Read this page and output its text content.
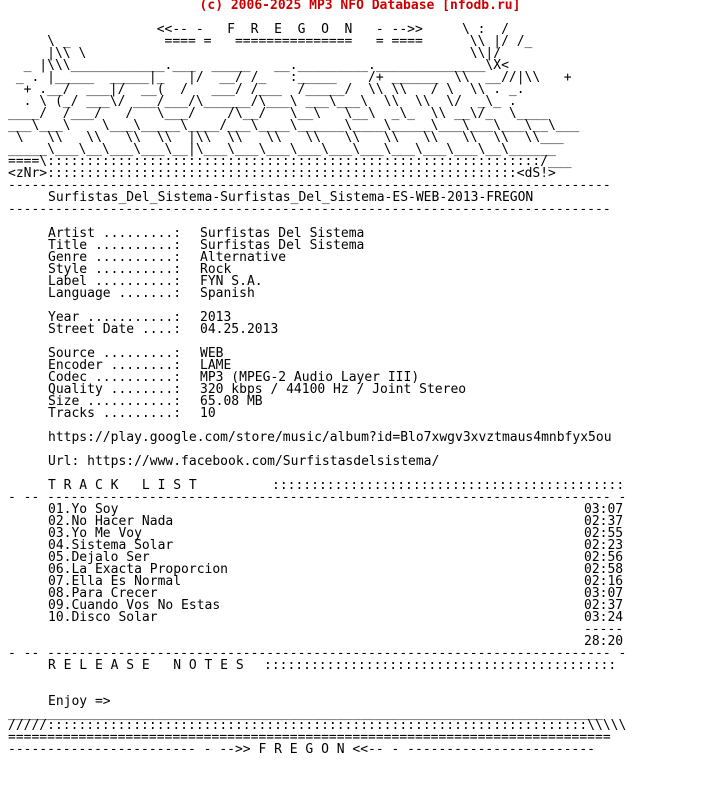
(c) 2006-2025 MP3 NFO Database [nfodb.ru]
<<-- -   F  R  E  G  O  N   - -->>     \ :  /
\ _            ==== =   ===============   = ====      \\ |/ /_
|\\ \                                                 \\|/
_ |\\\____________.___  _____   __._________.______________\X<
_ . |_____  _____|_   |/  __/ /_   :_____    /+ ______  \\  __//|\\   +
+ .__/  ___|/  __(  /   ___/ /___  /_____/  \\ \\   / \  \\ . _.
. \ (_/ ___\/ ___/___/\______/\___\ ___\___\  \\  \\  \/  _\_ .
____/  /___/   /   \___/    /\__/   \__\   \__\  _\_  \\ __\/_  \____
___\___\    \___\_____\____/___\____\______\____\_____\___\___\___\__\___
\   \\   \\   \\  \\  |\\  \\   \\   \\   \\   \\   \\   \\  \\  \\___
_____\___\__\___\___\__|\___\___\___\___\___\___\___\___\___\__\______
====\:::::::::::::::::::::::::::::::::::::::::::::::::::::::::::::::/___
<zNr>::::::::::::::::::::::::::::::::::::::::::::::::::::::::::::<dS!>
-----------------------------------------------------------------------------
Surfistas_Del_Sistema-Surfistas_Del_Sistema-ES-WEB-2013-FREGON
-----------------------------------------------------------------------------
Artist .........: Surfistas Del Sistema
Title ..........: Surfistas Del Sistema
Genre ..........: Alternative
Style ..........: Rock
Label ..........: FYN S.A.
Language .......: Spanish
Year ...........: 2013
Street Date ....: 04.25.2013
Source .........: WEB
Encoder ........: LAME
Codec ..........: MP3 (MPEG-2 Audio Layer III)
Quality ........: 320 kbps / 44100 Hz / Joint Stereo
Size ...........: 65.08 MB
Tracks .........: 10
https://play.google.com/store/music/album?id=Blo7xwgv3xvztmaus4mnbfyx5ou
Url: https://www.facebook.com/Surfistasdelsistema/
T R A C K   L I S T	:::::::::::::::::::::::::::::::::::::::::::::
- -- ------------------------------------------------------------------------ -
01.Yo Soy	03:07
02.No Hacer Nada	02:37
03.Yo Me Voy	02:55
04.Sistema Solar	02:23
05.Dejalo Ser	02:56
06.La Exacta Proporcion	02:58
07.Ella Es Normal	02:16
08.Para Crecer	03:07
09.Cuando Vos No Estas	02:37
10.Disco Solar	03:24
-----
28:20
- -- ------------------------------------------------------------------------ -
R E L E A S E   N O T E S :::::::::::::::::::::::::::::::::::::::::::::
Enjoy =>
____________________________________________________________________________
/////:::::::::::::::::::::::::::::::::::::::::::::::::::::::::::::::::::::\\\\\
=============================================================================
------------------------ - -->> F R E G O N <<-- - ------------------------
